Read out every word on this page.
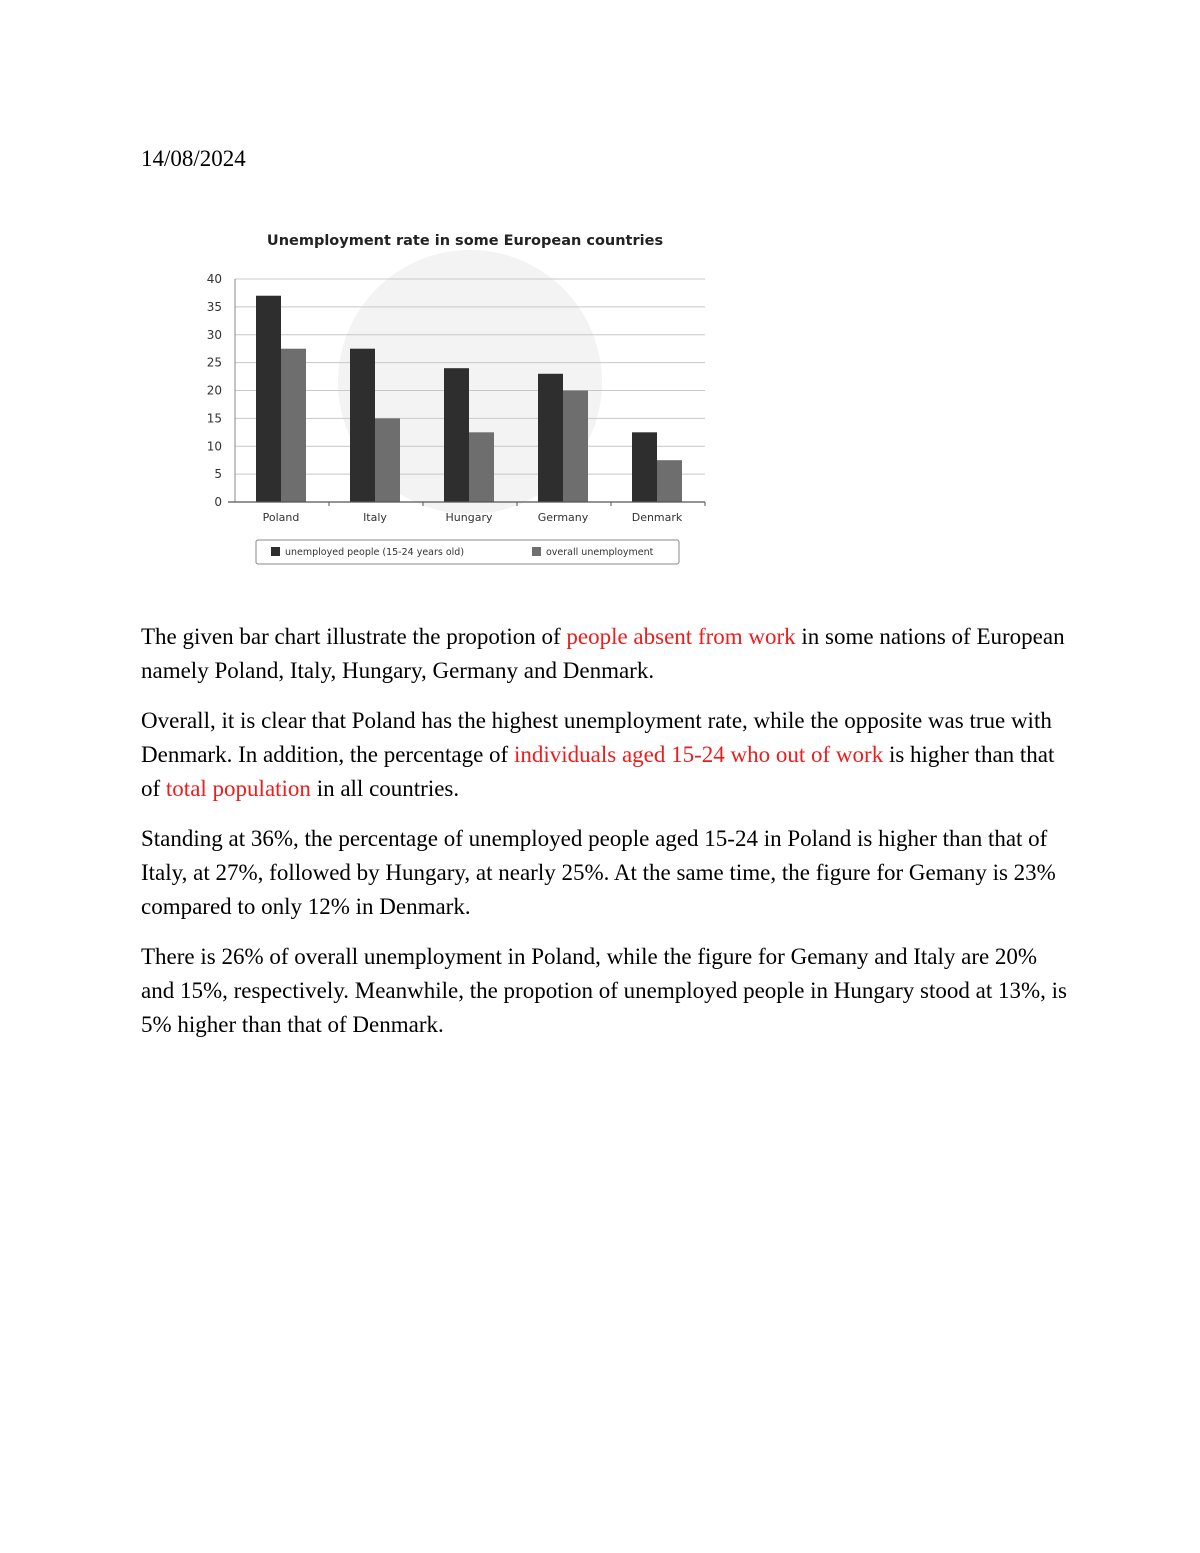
14/08/2024
Unemployment rate in some European countries
0
5
10
15
20
25
30
35
40
Poland	Italy	Hungary	Germany	Denmark
unemployed people (15-24 years old)	overall unemployment

The given bar chart illustrate the propotion of people absent from work in some nations of European namely Poland, Italy, Hungary, Germany and Denmark.

Overall, it is clear that Poland has the highest unemployment rate, while the opposite was true with Denmark. In addition, the percentage of individuals aged 15-24 who out of work is higher than that of total population in all countries.

Standing at 36%, the percentage of unemployed people aged 15-24 in Poland is higher than that of Italy, at 27%, followed by Hungary, at nearly 25%. At the same time, the figure for Gemany is 23% compared to only 12% in Denmark.

There is 26% of overall unemployment in Poland, while the figure for Gemany and Italy are 20% and 15%, respectively. Meanwhile, the propotion of unemployed people in Hungary stood at 13%, is 5% higher than that of Denmark.
